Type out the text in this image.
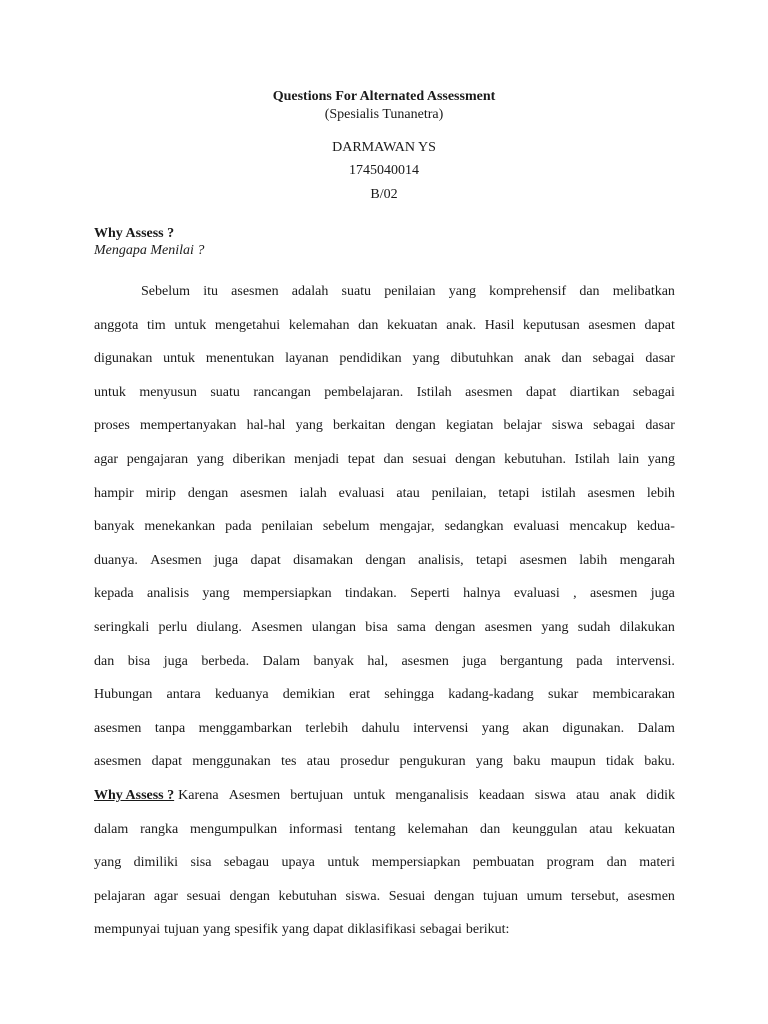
Questions For Alternated Assessment
(Spesialis Tunanetra)
DARMAWAN YS
1745040014
B/02
Why Assess ?
Mengapa Menilai ?
Sebelum itu asesmen adalah suatu penilaian yang komprehensif dan melibatkan
anggota tim untuk mengetahui kelemahan dan kekuatan anak. Hasil keputusan asesmen dapat
digunakan untuk menentukan layanan pendidikan yang dibutuhkan anak dan sebagai dasar
untuk menyusun suatu rancangan pembelajaran. Istilah asesmen dapat diartikan sebagai
proses mempertanyakan hal-hal yang berkaitan dengan kegiatan belajar siswa sebagai dasar
agar pengajaran yang diberikan menjadi tepat dan sesuai dengan kebutuhan. Istilah lain yang
hampir mirip dengan asesmen ialah evaluasi atau penilaian, tetapi istilah asesmen lebih
banyak menekankan pada penilaian sebelum mengajar, sedangkan evaluasi mencakup kedua-
duanya. Asesmen juga dapat disamakan dengan analisis, tetapi asesmen labih mengarah
kepada analisis yang mempersiapkan tindakan. Seperti halnya evaluasi , asesmen juga
seringkali perlu diulang. Asesmen ulangan bisa sama dengan asesmen yang sudah dilakukan
dan bisa juga berbeda. Dalam banyak hal, asesmen juga bergantung pada intervensi.
Hubungan antara keduanya demikian erat sehingga kadang-kadang sukar membicarakan
asesmen tanpa menggambarkan terlebih dahulu intervensi yang akan digunakan. Dalam
asesmen dapat menggunakan tes atau prosedur pengukuran yang baku maupun tidak baku.
Why Assess ? Karena Asesmen bertujuan untuk menganalisis keadaan siswa atau anak didik
dalam rangka mengumpulkan informasi tentang kelemahan dan keunggulan atau kekuatan
yang dimiliki sisa sebagau upaya untuk mempersiapkan pembuatan program dan materi
pelajaran agar sesuai dengan kebutuhan siswa. Sesuai dengan tujuan umum tersebut, asesmen
mempunyai tujuan yang spesifik yang dapat diklasifikasi sebagai berikut:
